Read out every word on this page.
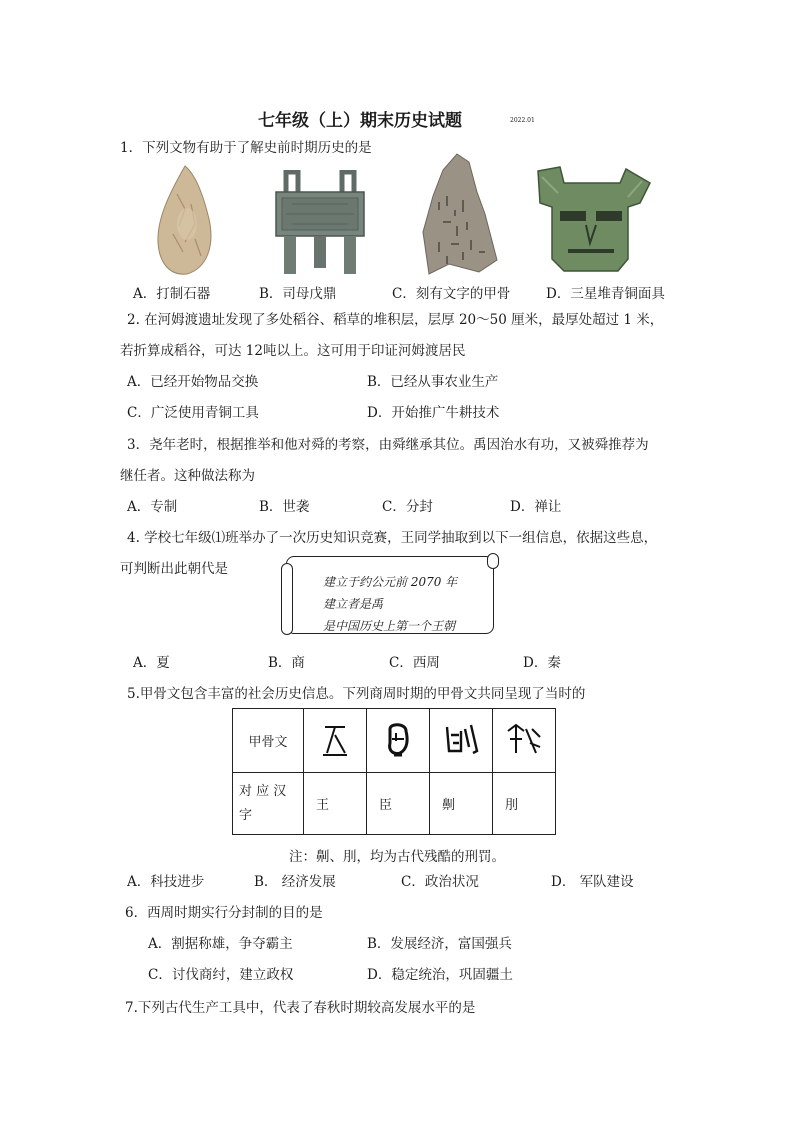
七年级（上）期末历史试题	2022.01
1．下列文物有助于了解史前时期历史的是
A．打制石器	B．司母戊鼎	C．刻有文字的甲骨	D．三星堆青铜面具
2. 在河姆渡遗址发现了多处稻谷、稻草的堆积层，层厚 20～50 厘米，最厚处超过 1 米，
若折算成稻谷，可达 12吨以上。这可用于印证河姆渡居民
A．已经开始物品交换	B．已经从事农业生产
C．广泛使用青铜工具	D．开始推广牛耕技术
3．尧年老时，根据推举和他对舜的考察，由舜继承其位。禹因治水有功，又被舜推荐为
继任者。这种做法称为
A．专制	B．世袭	C．分封	D．禅让
4. 学校七年级⑴班举办了一次历史知识竞赛，王同学抽取到以下一组信息，依据这些息，
可判断出此朝代是
建立于约公元前 2070 年
建立者是禹
是中国历史上第一个王朝
A．夏	B．商	C．西周	D．秦
5.甲骨文包含丰富的社会历史信息。下列商周时期的甲骨文共同呈现了当时的
甲骨文				

对 应 汉
字	王	臣	劓	刖
注：劓、刖，均为古代残酷的刑罚。
A．科技进步	B． 经济发展	C．政治状况	D． 军队建设
6．西周时期实行分封制的目的是
A．割据称雄，争夺霸主	B．发展经济，富国强兵
C．讨伐商纣，建立政权	D．稳定统治，巩固疆土
7.下列古代生产工具中，代表了春秋时期较高发展水平的是
